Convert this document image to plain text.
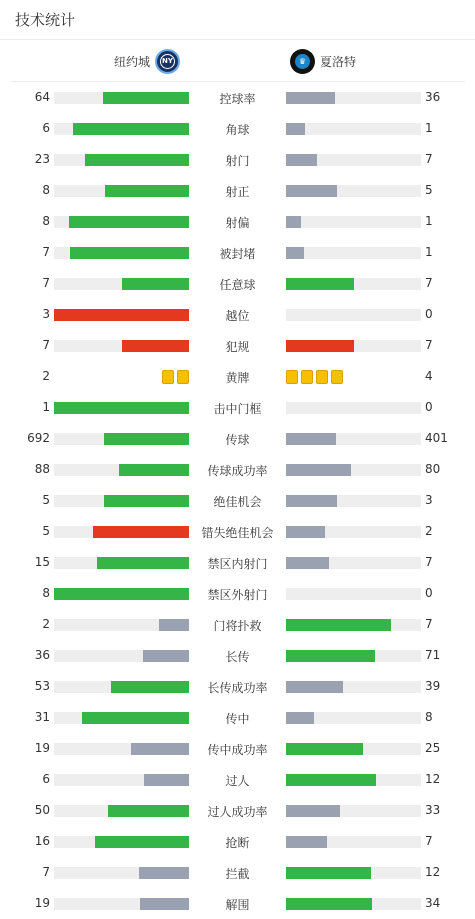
技术统计
纽约城 NY	♛	夏洛特
64	控球率	36
6	角球	1
23	射门	7
8	射正	5
8	射偏	1
7	被封堵	1
7	任意球	7
3	越位	0
7	犯规	7
2	黄牌	4
1	击中门框	0
692	传球	401
88	传球成功率	80
5	绝佳机会	3
5	错失绝佳机会	2
15	禁区内射门	7
8	禁区外射门	0
2	门将扑救	7
36	长传	71
53	长传成功率	39
31	传中	8
19	传中成功率	25
6	过人	12
50	过人成功率	33
16	抢断	7
7	拦截	12
19	解围	34
